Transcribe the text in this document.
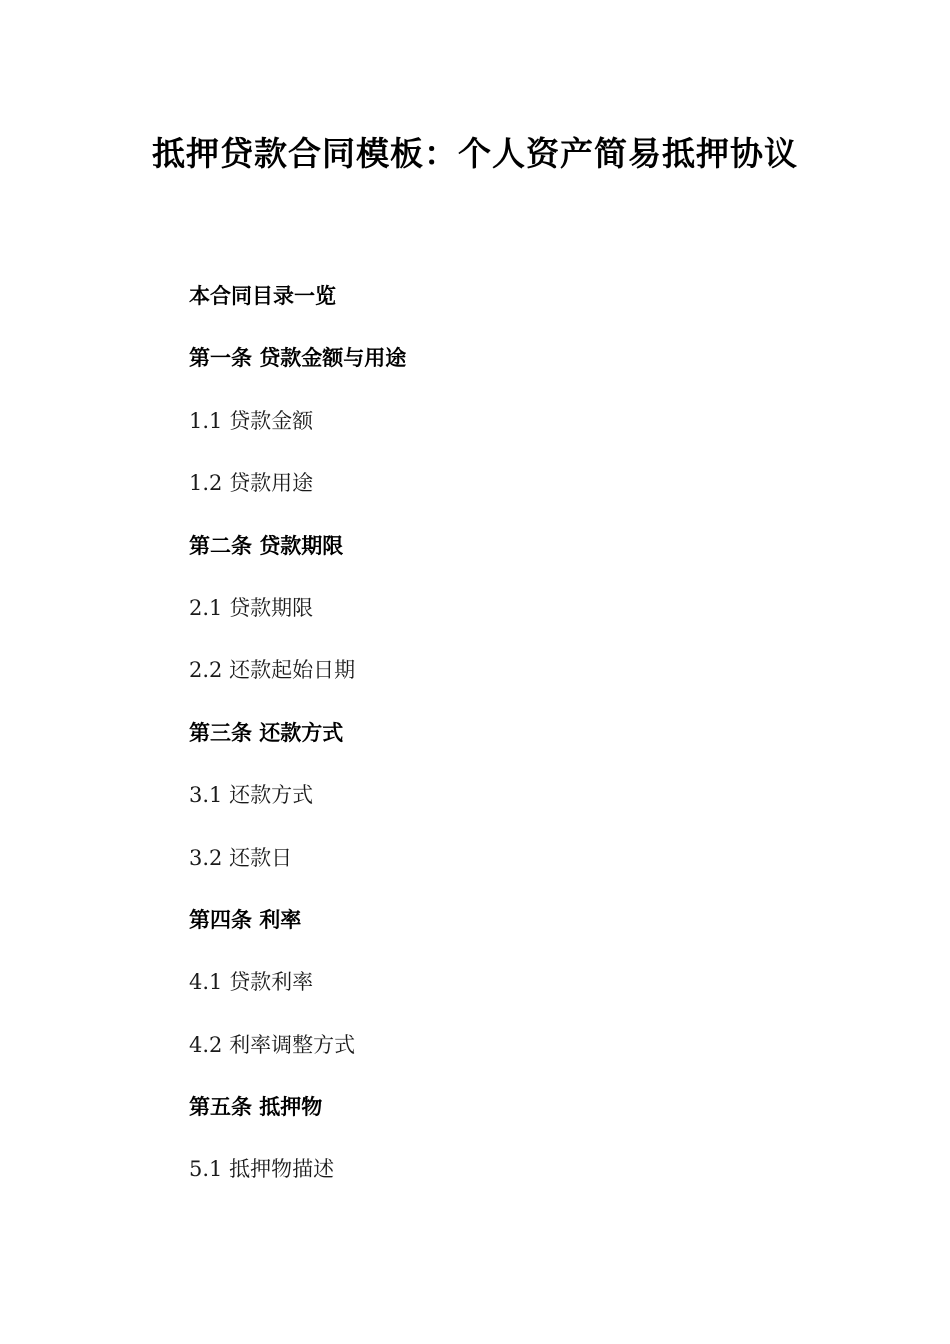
抵押贷款合同模板：个人资产简易抵押协议
本合同目录一览
第一条 贷款金额与用途
1.1 贷款金额
1.2 贷款用途
第二条 贷款期限
2.1 贷款期限
2.2 还款起始日期
第三条 还款方式
3.1 还款方式
3.2 还款日
第四条 利率
4.1 贷款利率
4.2 利率调整方式
第五条 抵押物
5.1 抵押物描述
